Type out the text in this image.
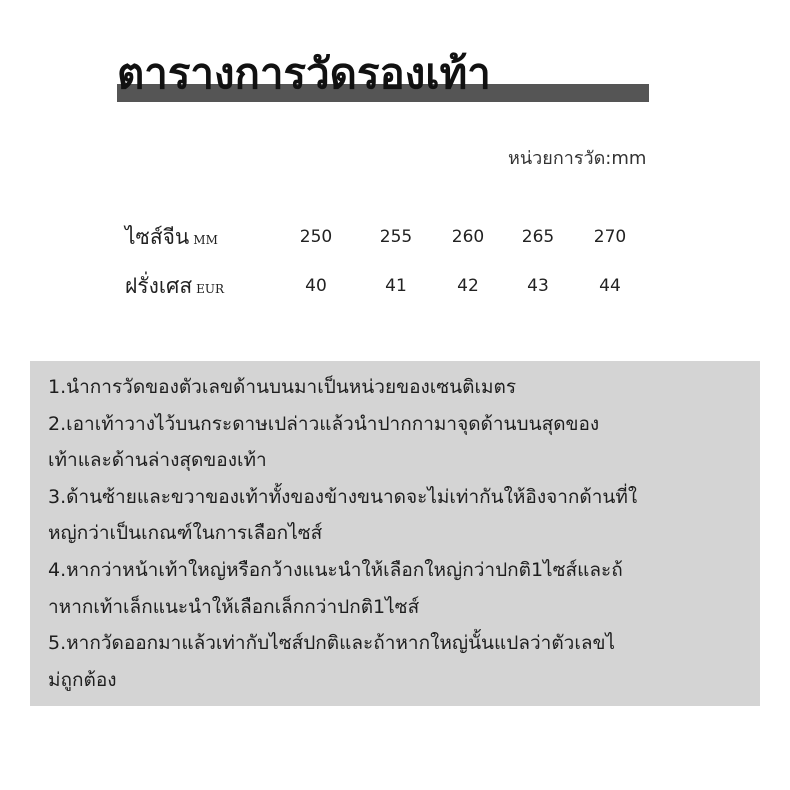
ตารางการวัดรองเท้า
หน่วยการวัด:mm
ไซส์จีน MM	250	255	260	265	270
ฝรั่งเศส EUR	40	41	42	43	44
1.นำการวัดของตัวเลขด้านบนมาเป็นหน่วยของเซนติเมตร
2.เอาเท้าวางไว้บนกระดาษเปล่าวแล้วนำปากกามาจุดด้านบนสุดของ
เท้าและด้านล่างสุดของเท้า
3.ด้านซ้ายและขวาของเท้าทั้งของข้างขนาดจะไม่เท่ากันให้อิงจากด้านที่ใ
หญ่กว่าเป็นเกณฑ์ในการเลือกไซส์
4.หากว่าหน้าเท้าใหญ่หรือกว้างแนะนำให้เลือกใหญ่กว่าปกติ1ไซส์และถ้
าหากเท้าเล็กแนะนำให้เลือกเล็กกว่าปกติ1ไซส์
5.หากวัดออกมาแล้วเท่ากับไซส์ปกติและถ้าหากใหญ่นั้นแปลว่าตัวเลขไ
ม่ถูกต้อง
